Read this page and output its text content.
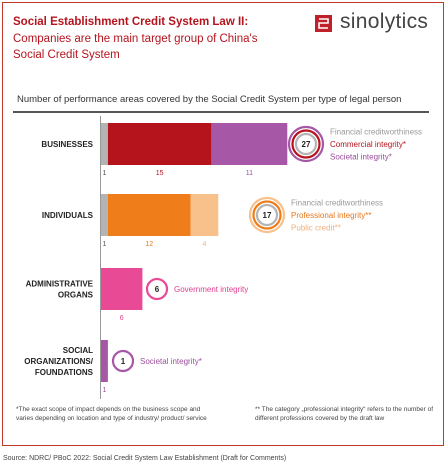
Social Establishment Credit System Law II:
Companies are the main target group of China's Social Credit System
sinolytics
Number of performance areas covered by the Social Credit System per type of legal person
BUSINESSES
1	15	11
27
Financial creditworthiness
Commercial integrity*
Societal integrity*
INDIVIDUALS
1	12	4
17
Financial creditworthiness
Professional integrity**
Public credit**
ADMINISTRATIVE
ORGANS
6
6 Government integrity
SOCIAL
ORGANIZATIONS/
FOUNDATIONS
1
1 Societal integrity*
*The exact scope of impact depends on the business scope and varies depending on location and type of industry/ product/ service
** The category „professional integrity“ refers to the number of different professions covered by the draft law
Source: NDRC/ PBoC 2022: Social Credit System Law Establishment (Draft for Comments)
